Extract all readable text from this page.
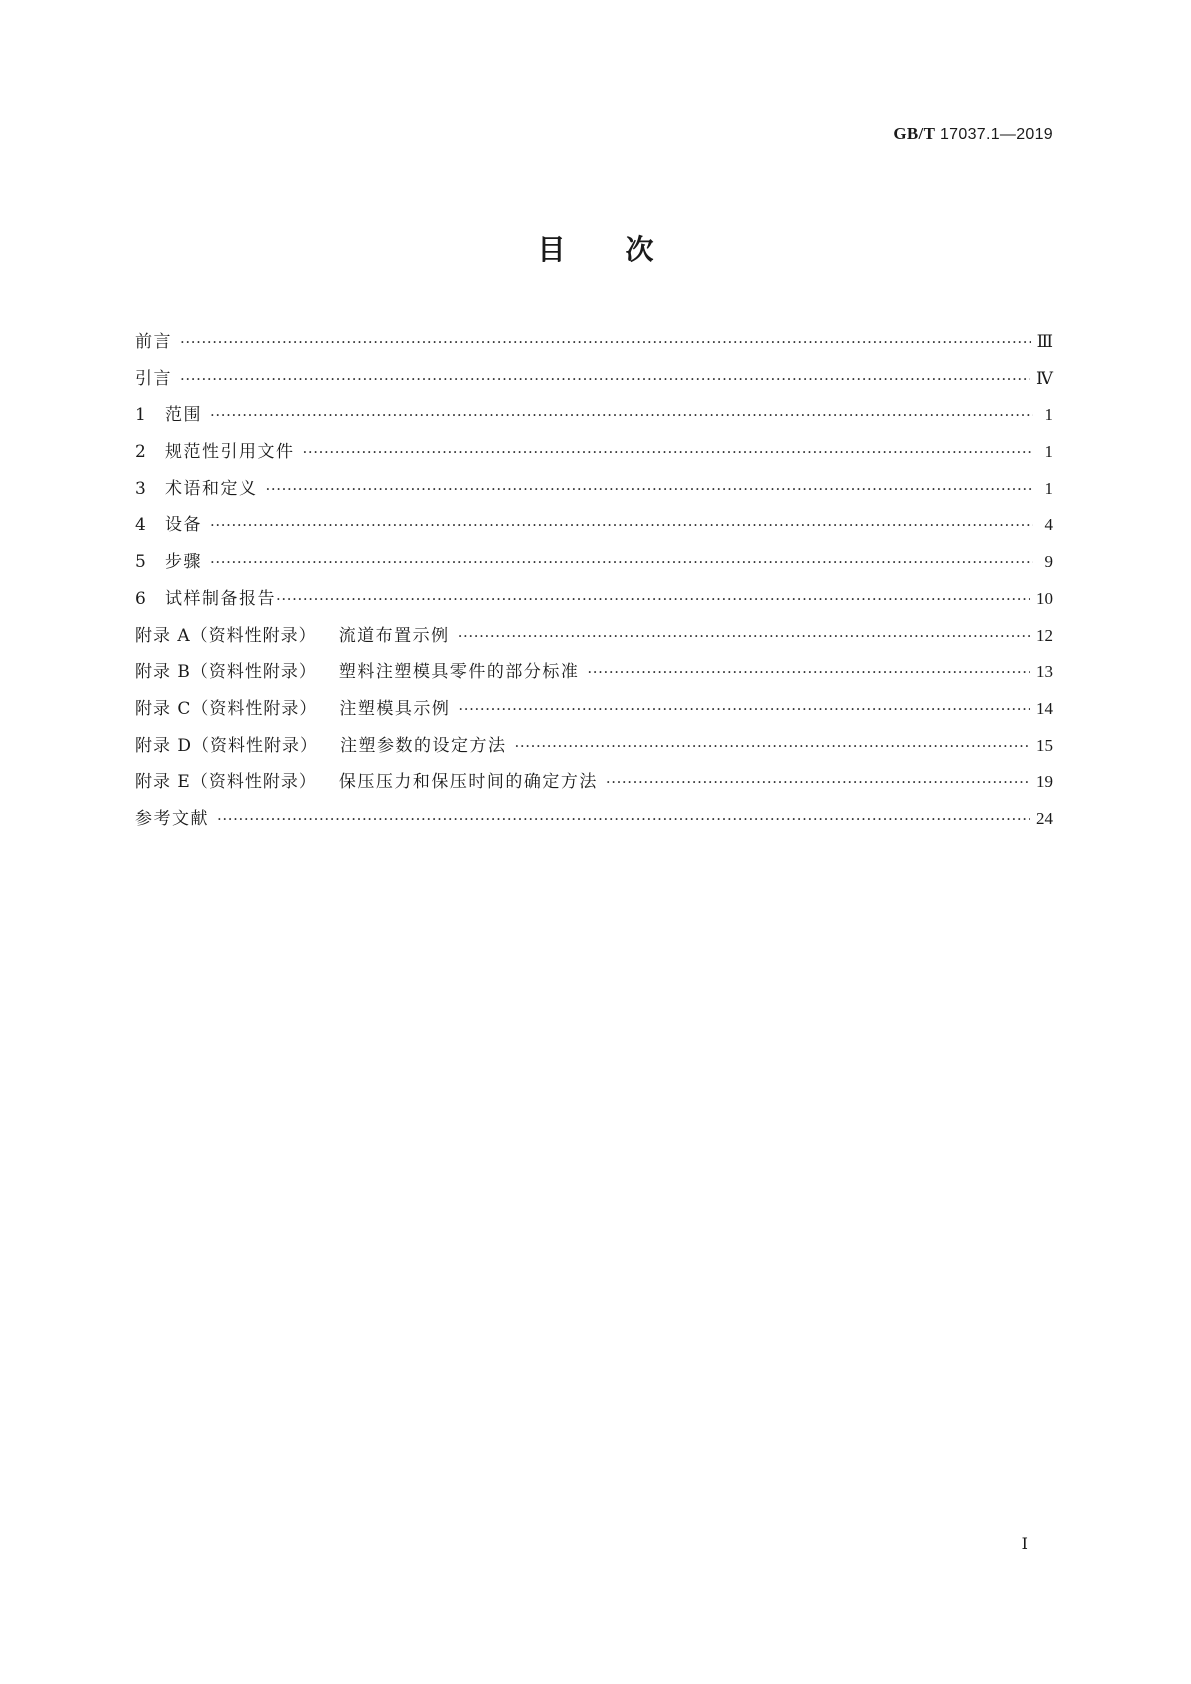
GB/T 17037.1—2019
目次
前言 ·····	Ⅲ
引言 ·····	Ⅳ
1	范围 ·····	1
2	规范性引用文件 ·····	1
3	术语和定义 ·····	1
4	设备 ·····	4
5	步骤 ·····	9
6	试样制备报告 ·····	10
附录 A（资料性附录） 流道布置示例 ·····	12
附录 B（资料性附录） 塑料注塑模具零件的部分标准 ·····	13
附录 C（资料性附录） 注塑模具示例 ·····	14
附录 D（资料性附录） 注塑参数的设定方法 ·····	15
附录 E（资料性附录） 保压压力和保压时间的确定方法 ·····	19
参考文献 ·····	24
Ⅰ
